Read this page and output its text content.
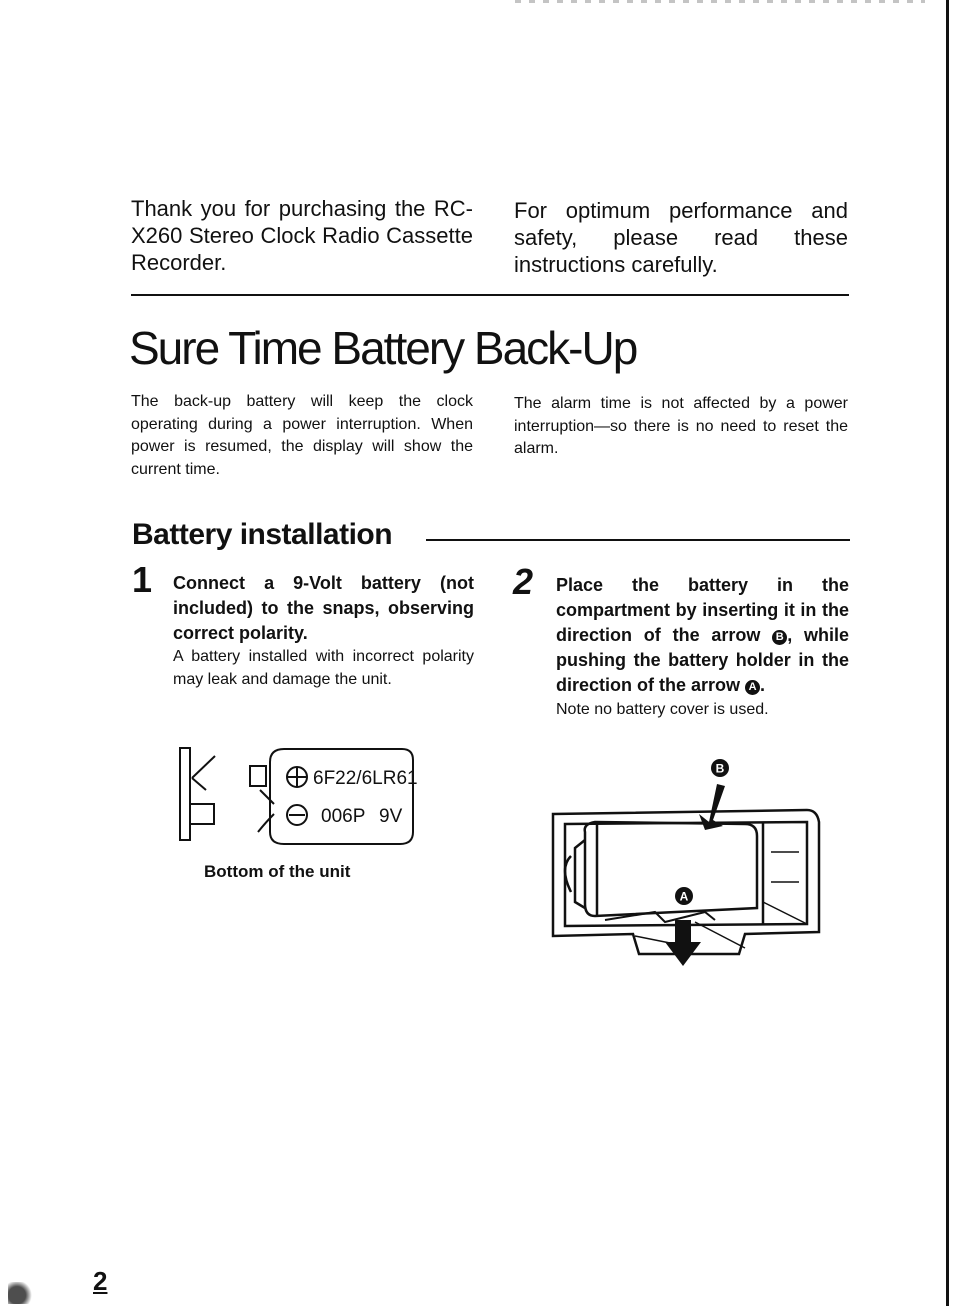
Thank you for purchasing the RC-X260 Stereo Clock Radio Cassette Recorder.
For optimum performance and safety, please read these instructions carefully.
Sure Time Battery Back-Up
The back-up battery will keep the clock operating during a power interruption. When power is resumed, the display will show the current time.
The alarm time is not affected by a power interruption—so there is no need to reset the alarm.
Battery installation
1 Connect a 9-Volt battery (not included) to the snaps, observing correct polarity.
A battery installed with incorrect polarity may leak and damage the unit.
2 Place the battery in the compartment by inserting it in the direction of the arrow B , while pushing the battery holder in the direction of the arrow A .
Note no battery cover is used.
6F22/6LR61
006P 9V
Bottom of the unit
B
A
2
